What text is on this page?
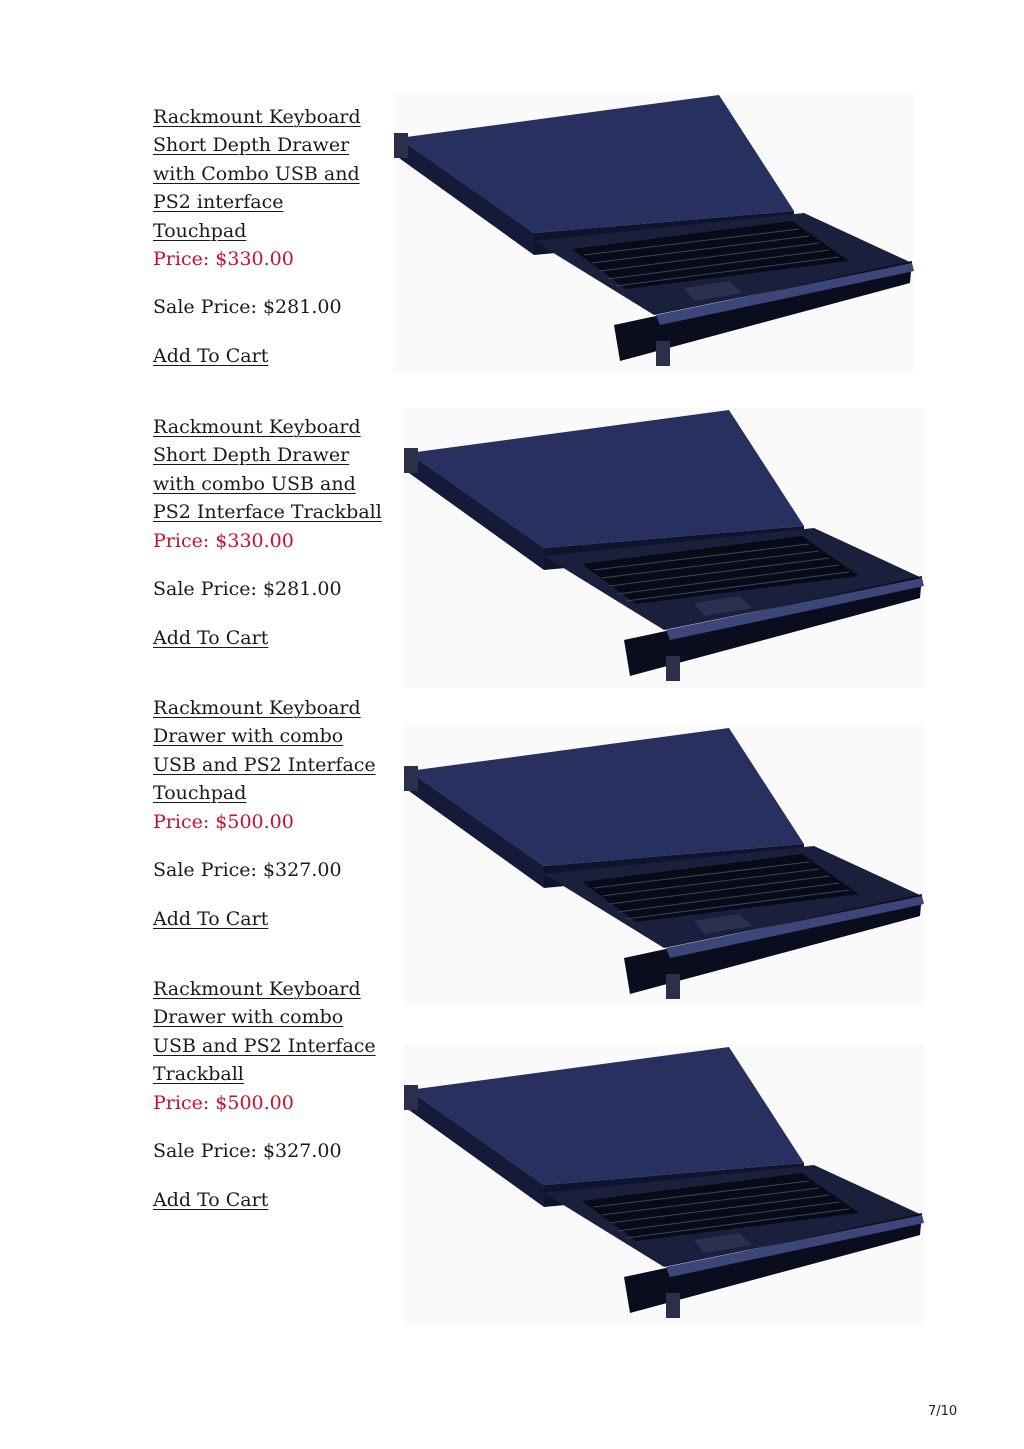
Rackmount Keyboard
Short Depth Drawer
with Combo USB and
PS2 interface
Touchpad
Price: $330.00
Sale Price: $281.00
Add To Cart
Rackmount Keyboard
Short Depth Drawer
with combo USB and
PS2 Interface Trackball
Price: $330.00
Sale Price: $281.00
Add To Cart
Rackmount Keyboard
Drawer with combo
USB and PS2 Interface
Touchpad
Price: $500.00
Sale Price: $327.00
Add To Cart
Rackmount Keyboard
Drawer with combo
USB and PS2 Interface
Trackball
Price: $500.00
Sale Price: $327.00
Add To Cart
7/10
